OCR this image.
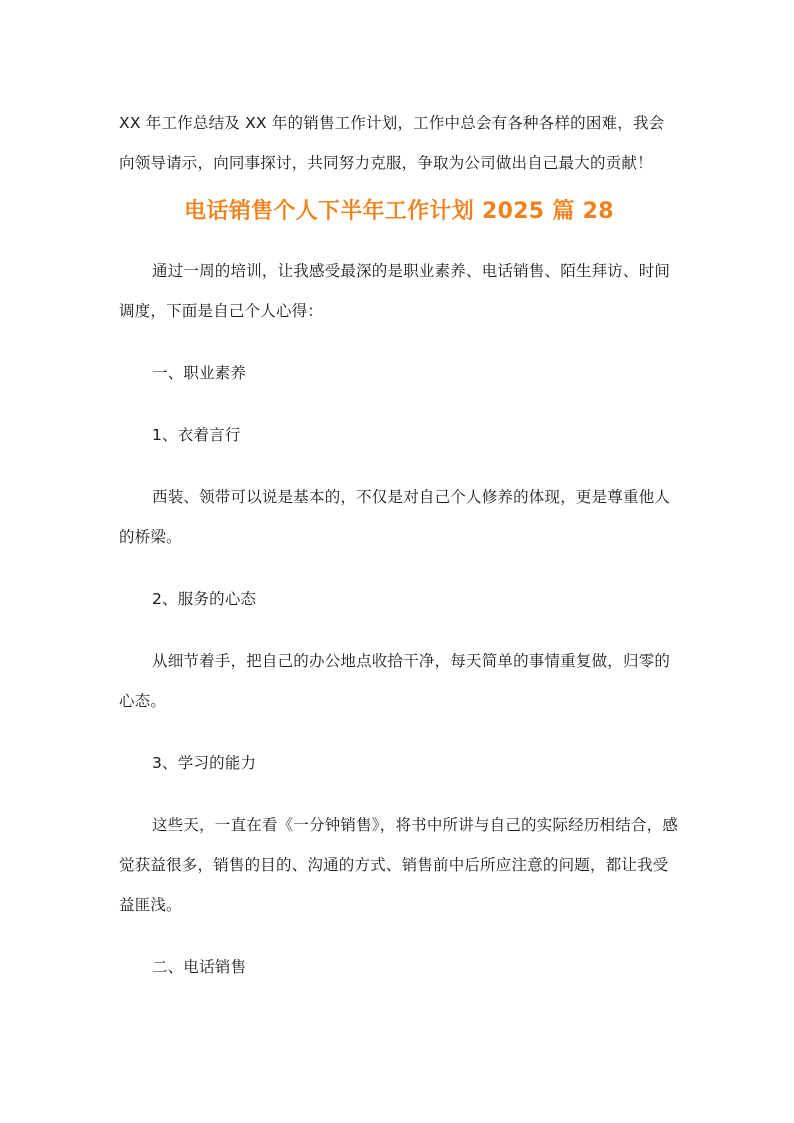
XX 年工作总结及 XX 年的销售工作计划，工作中总会有各种各样的困难，我会向领导请示，向同事探讨，共同努力克服，争取为公司做出自己最大的贡献！

电话销售个人下半年工作计划 2025 篇 28

通过一周的培训，让我感受最深的是职业素养、电话销售、陌生拜访、时间调度，下面是自己个人心得：

一、职业素养

1、衣着言行

西装、领带可以说是基本的，不仅是对自己个人修养的体现，更是尊重他人的桥梁。

2、服务的心态

从细节着手，把自己的办公地点收拾干净，每天简单的事情重复做，归零的心态。

3、学习的能力

这些天，一直在看《一分钟销售》，将书中所讲与自己的实际经历相结合，感觉获益很多，销售的目的、沟通的方式、销售前中后所应注意的问题，都让我受益匪浅。

二、电话销售
